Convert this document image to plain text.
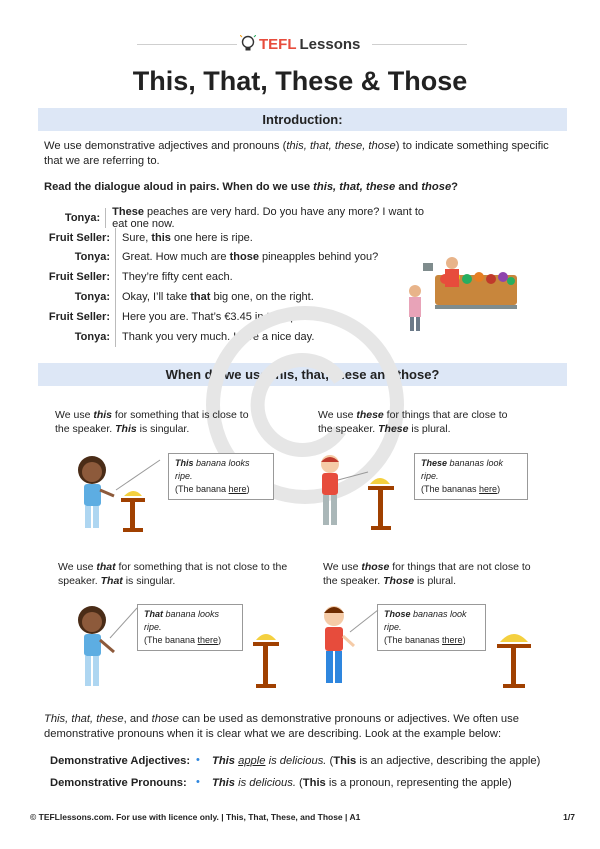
TEFL Lessons
This, That, These & Those
Introduction:
We use demonstrative adjectives and pronouns (this, that, these, those) to indicate something specific that we are referring to.
Read the dialogue aloud in pairs. When do we use this, that, these and those?
Tonya:	These peaches are very hard. Do you have any more? I want to eat one now.
Fruit Seller:	Sure, this one here is ripe.
Tonya:	Great. How much are those pineapples behind you?
Fruit Seller:	They’re fifty cent each.
Tonya:	Okay, I’ll take that big one, on the right.
Fruit Seller:	Here you are. That’s €3.45 in total please.
Tonya:	Thank you very much. Have a nice day.
When do we use this, that, these and those?
We use this for something that is close to the speaker. This is singular.
We use these for things that are close to the speaker. These is plural.
We use that for something that is not close to the speaker. That is singular.
We use those for things that are not close to the speaker. Those is plural.
This banana looks ripe.
(The banana here)
These bananas look ripe.
(The bananas here)
That banana looks ripe.
(The banana there)
Those bananas look ripe.
(The bananas there)
This, that, these, and those can be used as demonstrative pronouns or adjectives. We often use demonstrative pronouns when it is clear what we are describing. Look at the example below:
Demonstrative Adjectives: • This apple is delicious. (This is an adjective, describing the apple)
Demonstrative Pronouns: • This is delicious. (This is a pronoun, representing the apple)
© TEFLlessons.com. For use with licence only. | This, That, These, and Those | A1	1/7
